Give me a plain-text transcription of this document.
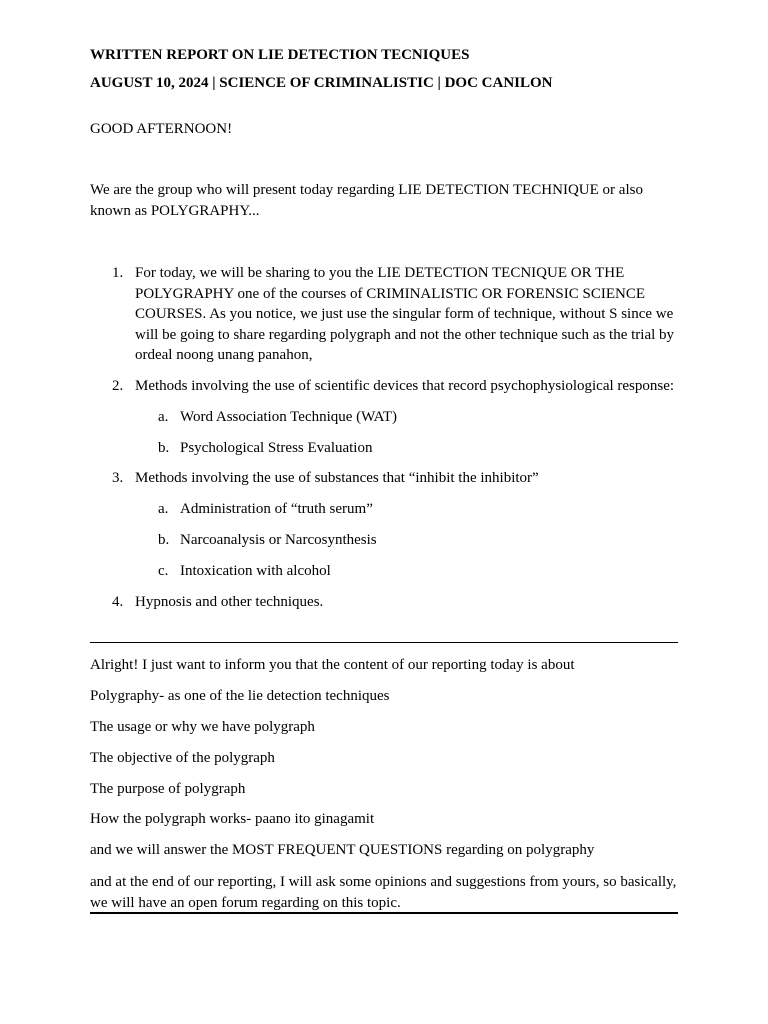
WRITTEN REPORT ON LIE DETECTION TECNIQUES
AUGUST 10, 2024 | SCIENCE OF CRIMINALISTIC | DOC CANILON
GOOD AFTERNOON!
We are the group who will present today regarding LIE DETECTION TECHNIQUE or also known as POLYGRAPHY...
1. For today, we will be sharing to you the LIE DETECTION TECNIQUE OR THE POLYGRAPHY one of the courses of CRIMINALISTIC OR FORENSIC SCIENCE COURSES. As you notice, we just use the singular form of technique, without S since we will be going to share regarding polygraph and not the other technique such as the trial by ordeal noong unang panahon,
2. Methods involving the use of scientific devices that record psychophysiological response:
a. Word Association Technique (WAT)
b. Psychological Stress Evaluation
3. Methods involving the use of substances that “inhibit the inhibitor”
a. Administration of “truth serum”
b. Narcoanalysis or Narcosynthesis
c. Intoxication with alcohol
4. Hypnosis and other techniques.
Alright! I just want to inform you that the content of our reporting today is about
Polygraphy- as one of the lie detection techniques
The usage or why we have polygraph
The objective of the polygraph
The purpose of polygraph
How the polygraph works- paano ito ginagamit
and we will answer the MOST FREQUENT QUESTIONS regarding on polygraphy
and at the end of our reporting, I will ask some opinions and suggestions from yours, so basically, we will have an open forum regarding on this topic.
